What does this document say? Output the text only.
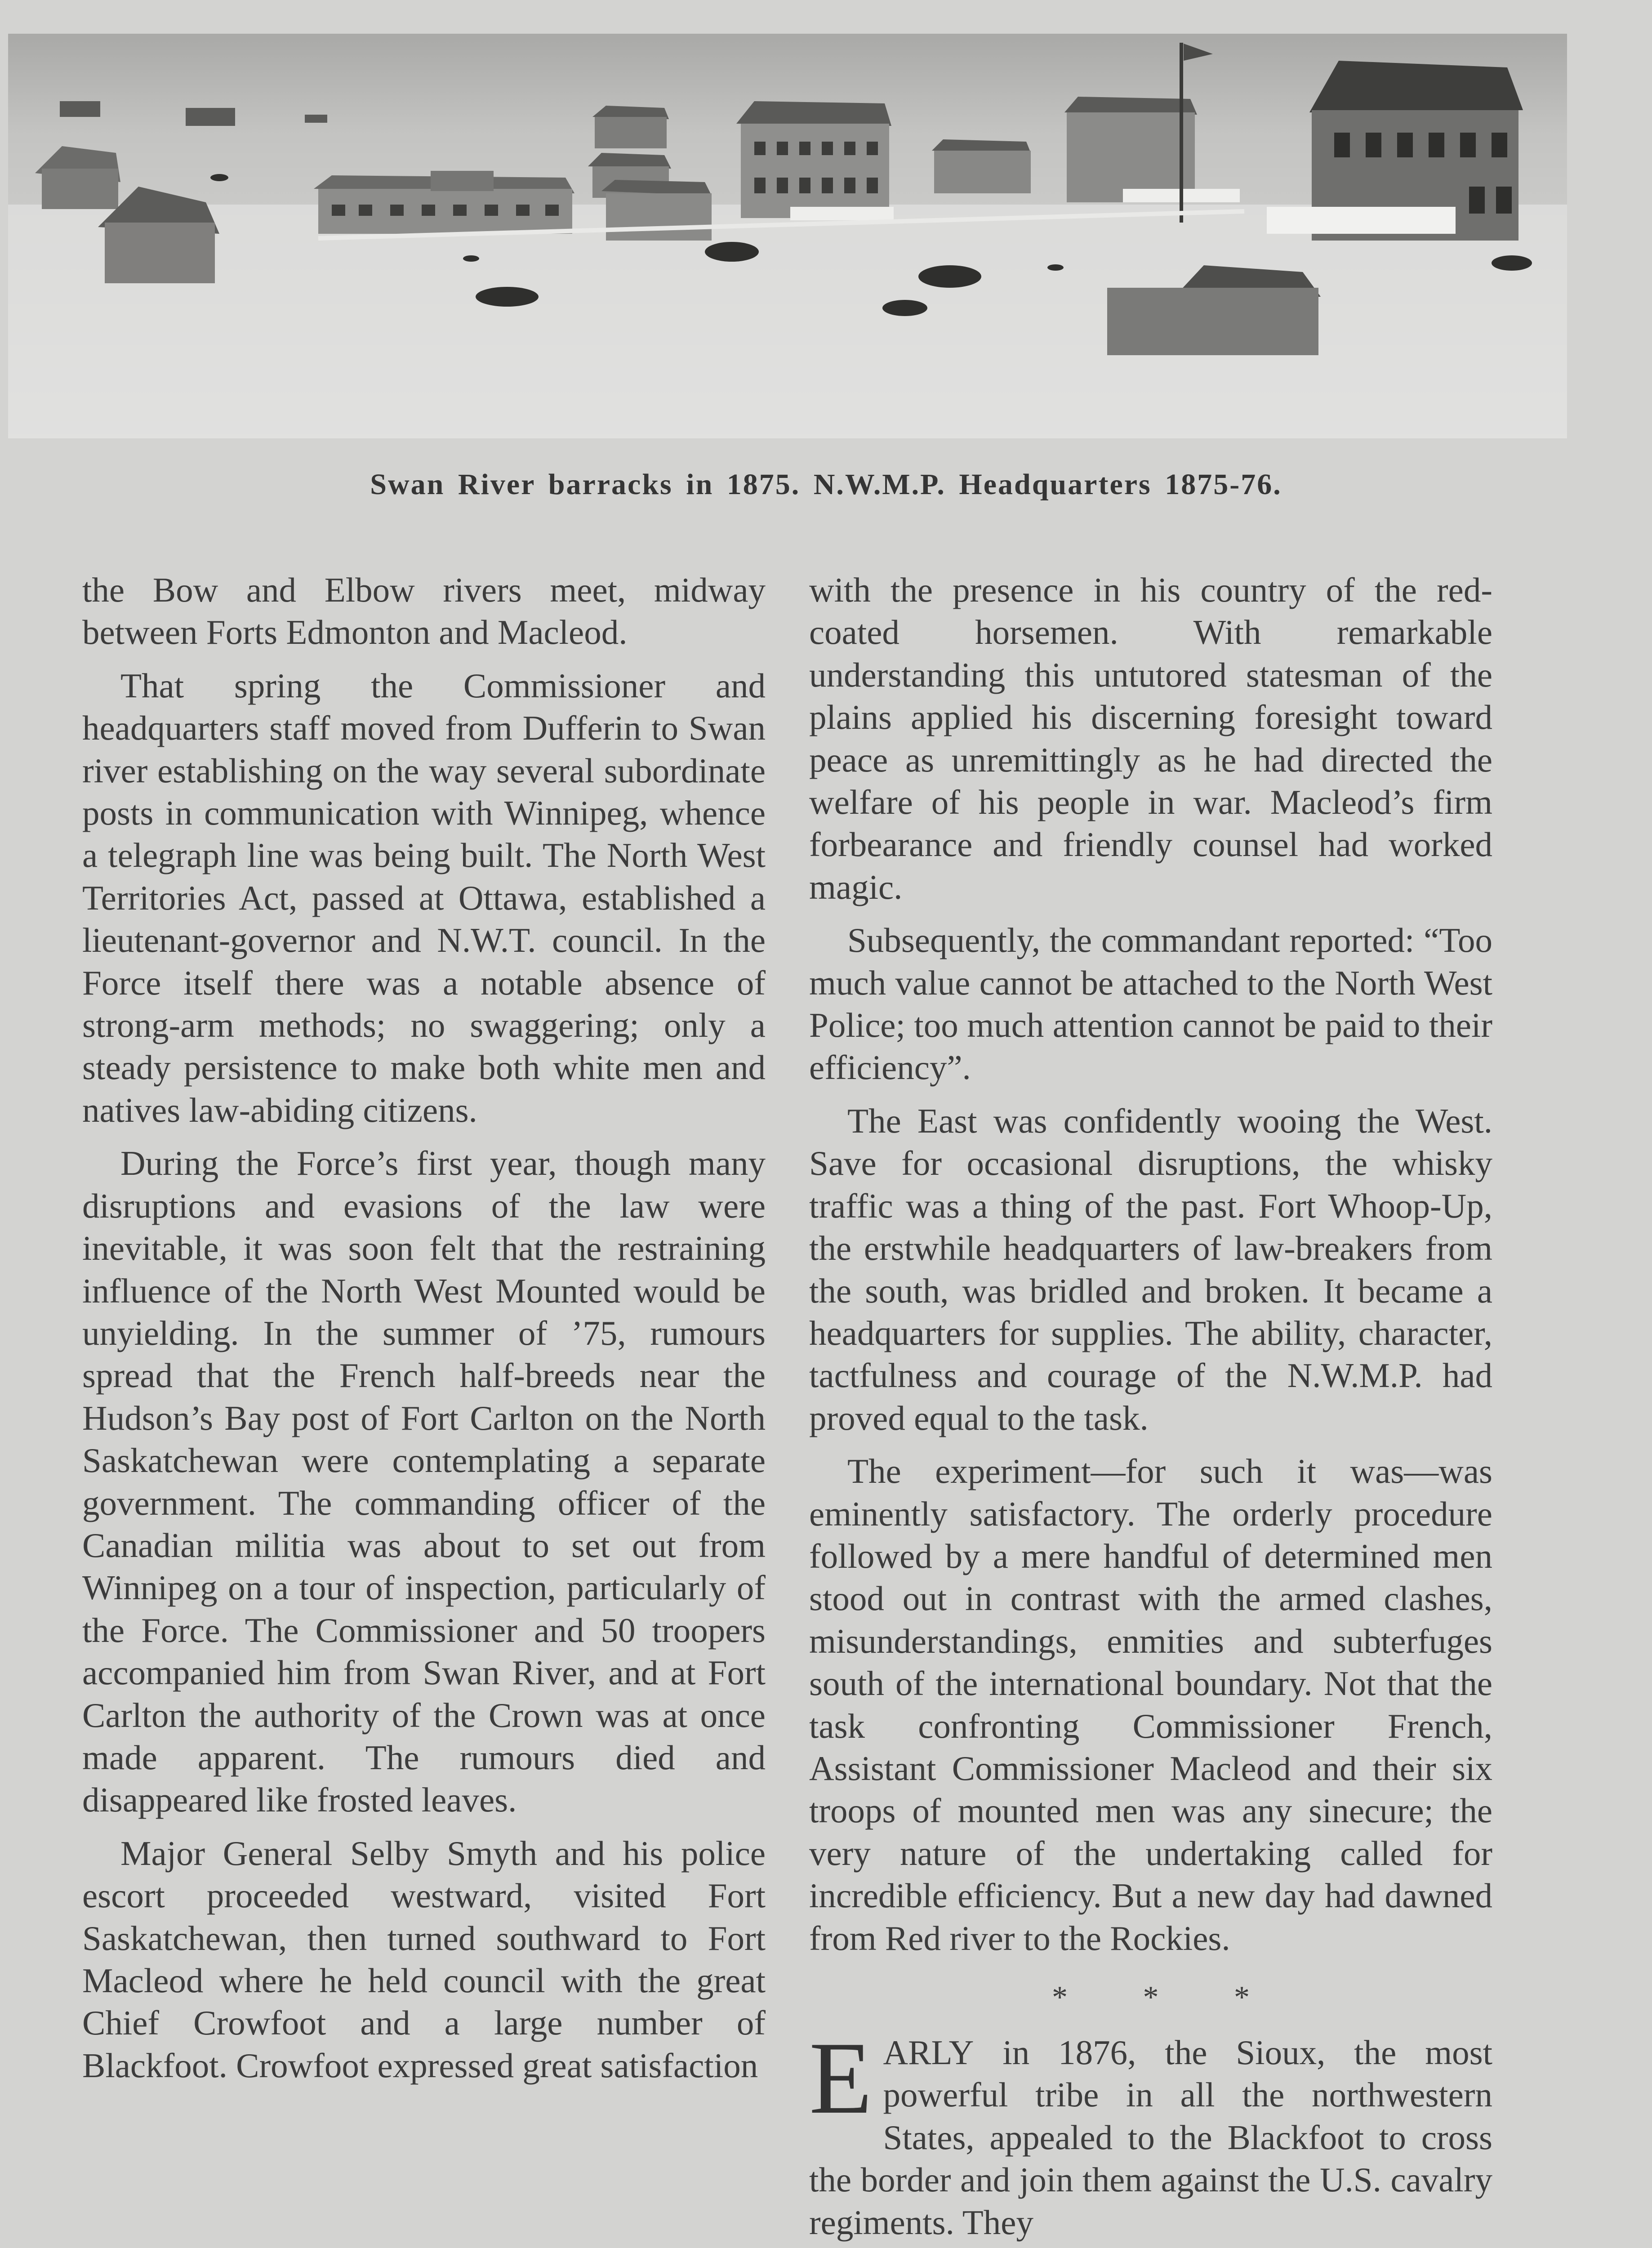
Swan River barracks in 1875. N.W.M.P. Headquarters 1875-76.

the Bow and Elbow rivers meet, midway between Forts Edmonton and Macleod.

That spring the Commissioner and headquarters staff moved from Dufferin to Swan river establishing on the way several subordinate posts in communication with Winnipeg, whence a telegraph line was being built. The North West Territories Act, passed at Ottawa, established a lieutenant-governor and N.W.T. council. In the Force itself there was a notable absence of strong-arm methods; no swaggering; only a steady persistence to make both white men and natives law-abiding citizens.

During the Force’s first year, though many disruptions and evasions of the law were inevitable, it was soon felt that the restraining influence of the North West Mounted would be unyielding. In the summer of ’75, rumours spread that the French half-breeds near the Hudson’s Bay post of Fort Carlton on the North Saskatchewan were contemplating a separate government. The commanding officer of the Canadian militia was about to set out from Winnipeg on a tour of inspection, particularly of the Force. The Commissioner and 50 troopers accompanied him from Swan River, and at Fort Carlton the authority of the Crown was at once made apparent. The rumours died and disappeared like frosted leaves.

Major General Selby Smyth and his police escort proceeded westward, visited Fort Saskatchewan, then turned southward to Fort Macleod where he held council with the great Chief Crowfoot and a large number of Blackfoot. Crowfoot expressed great satisfaction

with the presence in his country of the red-coated horsemen. With remarkable understanding this untutored statesman of the plains applied his discerning foresight toward peace as unremittingly as he had directed the welfare of his people in war. Macleod’s firm forbearance and friendly counsel had worked magic.

Subsequently, the commandant reported: “Too much value cannot be attached to the North West Police; too much attention cannot be paid to their efficiency”.

The East was confidently wooing the West. Save for occasional disruptions, the whisky traffic was a thing of the past. Fort Whoop-Up, the erstwhile headquarters of law-breakers from the south, was bridled and broken. It became a headquarters for supplies. The ability, character, tactfulness and courage of the N.W.M.P. had proved equal to the task.

The experiment—for such it was—was eminently satisfactory. The orderly procedure followed by a mere handful of determined men stood out in contrast with the armed clashes, misunderstandings, enmities and subterfuges south of the international boundary. Not that the task confronting Commissioner French, Assistant Commissioner Macleod and their six troops of mounted men was any sinecure; the very nature of the undertaking called for incredible efficiency. But a new day had dawned from Red river to the Rockies.

* * *

EARLY in 1876, the Sioux, the most powerful tribe in all the northwestern States, appealed to the Blackfoot to cross the border and join them against the U.S. cavalry regiments. They
